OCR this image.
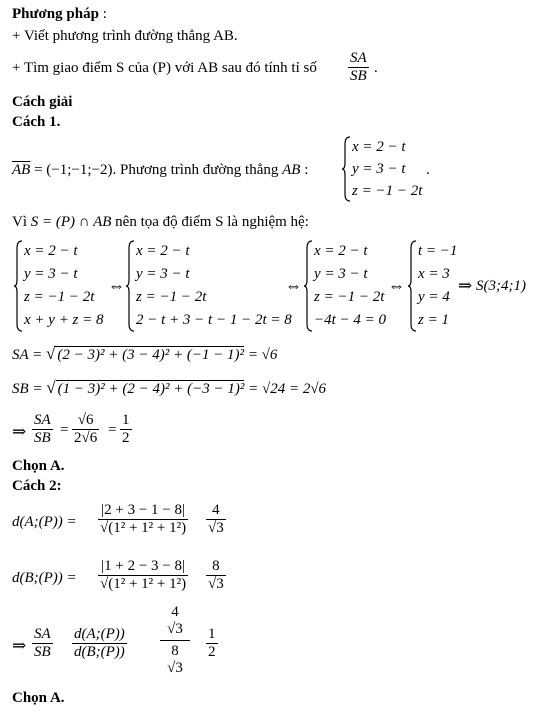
Phương pháp :
+ Viết phương trình đường thẳng AB.
+ Tìm giao điểm S của (P) với AB sau đó tính tỉ số $\frac{SA}{SB}$ .
Cách giải
Cách 1.
$\overline{AB}$ = (−1;−1;−2). Phương trình đường thẳng AB :
x = 2 − t
y = 3 − t
z = −1 − 2t
.
Vì S = (P) ∩ AB nên tọa độ điểm S là nghiệm hệ:
x = 2 − t
y = 3 − t
z = −1 − 2t
x + y + z = 8
⇔
x = 2 − t
y = 3 − t
z = −1 − 2t
2 − t + 3 − t − 1 − 2t = 8
⇔
x = 2 − t
y = 3 − t
z = −1 − 2t
−4t − 4 = 0
⇔
t = −1
x = 3
y = 4
z = 1
⇒ S(3;4;1)
SA = √ (2 − 3)² + (3 − 4)² + (−1 − 1)² = √6
SB = √ (1 − 3)² + (2 − 4)² + (−3 − 1)² = √24 = 2√6
⇒ $\frac{SA}{SB} = \frac{√6}{2√6} = \frac{1}{2}$
Chọn A.
Cách 2:
d(A;(P)) = $\frac{|2 + 3 - 1 - 8|}{\text{√(1² + 1² + 1²)}} \frac{4}{√3}$
d(B;(P)) = $\frac{|1 + 2 - 3 - 8|}{\text{√(1² + 1² + 1²)}} \frac{8}{√3}$
⇒ $\frac{SA}{SB} \frac{d(A;(P))}{d(B;(P))}$
4
√3
8
√3
$\frac{1}{2}$
Chọn A.
